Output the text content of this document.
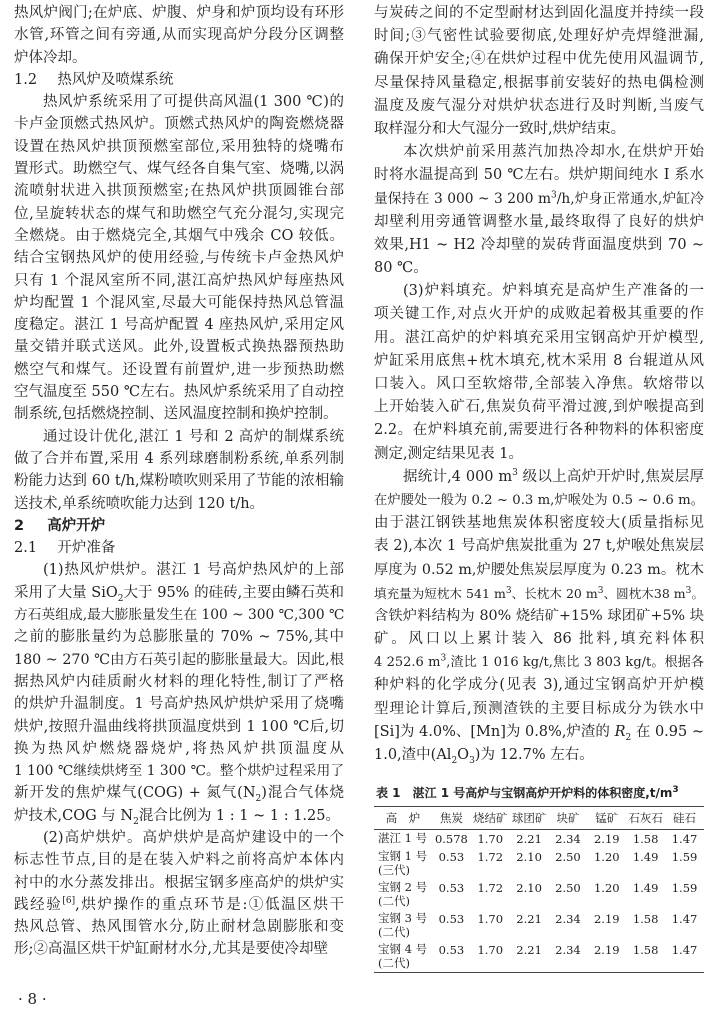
热风炉阀门;在炉底、炉腹、炉身和炉顶均设有环形
水管,环管之间有旁通,从而实现高炉分段分区调整
炉体冷却。
1.2 热风炉及喷煤系统
热风炉系统采用了可提供高风温(1 300 ℃)的
卡卢金顶燃式热风炉。顶燃式热风炉的陶瓷燃烧器
设置在热风炉拱顶预燃室部位,采用独特的烧嘴布
置形式。助燃空气、煤气经各自集气室、烧嘴,以涡
流喷射状进入拱顶预燃室;在热风炉拱顶圆锥台部
位,呈旋转状态的煤气和助燃空气充分混匀,实现完
全燃烧。由于燃烧完全,其烟气中残余 CO 较低。
结合宝钢热风炉的使用经验,与传统卡卢金热风炉
只有 1 个混风室所不同,湛江高炉热风炉每座热风
炉均配置 1 个混风室,尽最大可能保持热风总管温
度稳定。湛江 1 号高炉配置 4 座热风炉,采用定风
量交错并联式送风。此外,设置板式换热器预热助
燃空气和煤气。还设置有前置炉,进一步预热助燃
空气温度至 550 ℃左右。热风炉系统采用了自动控
制系统,包括燃烧控制、送风温度控制和换炉控制。
通过设计优化,湛江 1 号和 2 高炉的制煤系统
做了合并布置,采用 4 系列球磨制粉系统,单系列制
粉能力达到 60 t/h,煤粉喷吹则采用了节能的浓相输
送技术,单系统喷吹能力达到 120 t/h。
2 高炉开炉
2.1 开炉准备
(1)热风炉烘炉。湛江 1 号高炉热风炉的上部
采用了大量 SiO$_2$大于 95% 的硅砖,主要由鳞石英和
方石英组成,最大膨胀量发生在 100 ~ 300 ℃,300 ℃
之前的膨胀量约为总膨胀量的 70% ~ 75%,其中
180 ~ 270 ℃由方石英引起的膨胀量最大。因此,根
据热风炉内硅质耐火材料的理化特性,制订了严格
的烘炉升温制度。1 号高炉热风炉烘炉采用了烧嘴
烘炉,按照升温曲线将拱顶温度烘到 1 100 ℃后,切
换为热风炉燃烧器烧炉,将热风炉拱顶温度从
1 100 ℃继续烘烤至 1 300 ℃。整个烘炉过程采用了
新开发的焦炉煤气(COG) + 氮气$(N_2)$混合气体烧
炉技术,COG 与 $N_2$混合比例为 1 : 1 ~ 1 : 1.25。
(2)高炉烘炉。高炉烘炉是高炉建设中的一个
标志性节点,目的是在装入炉料之前将高炉本体内
衬中的水分蒸发排出。根据宝钢多座高炉的烘炉实
践经验[6],烘炉操作的重点环节是:①低温区烘干
热风总管、热风围管水分,防止耐材急剧膨胀和变
形;②高温区烘干炉缸耐材水分,尤其是要使冷却壁
与炭砖之间的不定型耐材达到固化温度并持续一段
时间;③气密性试验要彻底,处理好炉壳焊缝泄漏,
确保开炉安全;④在烘炉过程中优先使用风温调节,
尽量保持风量稳定,根据事前安装好的热电偶检测
温度及废气湿分对烘炉状态进行及时判断,当废气
取样湿分和大气湿分一致时,烘炉结束。
本次烘炉前采用蒸汽加热冷却水,在烘炉开始
时将水温提高到 50 ℃左右。烘炉期间纯水 I 系水
量保持在 3 000 ~ 3 200 $m^3/h$,炉身正常通水,炉缸冷
却壁利用旁通管调整水量,最终取得了良好的烘炉
效果,H1 ~ H2 冷却壁的炭砖背面温度烘到 70 ~
80 ℃。
(3)炉料填充。炉料填充是高炉生产准备的一
项关键工作,对点火开炉的成败起着极其重要的作
用。湛江高炉的炉料填充采用宝钢高炉开炉模型,
炉缸采用底焦+枕木填充,枕木采用 8 台辊道从风
口装入。风口至软熔带,全部装入净焦。软熔带以
上开始装入矿石,焦炭负荷平滑过渡,到炉喉提高到
2.2。在炉料填充前,需要进行各种物料的体积密度
测定,测定结果见表 1。
据统计,4 000 $m^3$ 级以上高炉开炉时,焦炭层厚
在炉腰处一般为 0.2 ~ 0.3 m,炉喉处为 0.5 ~ 0.6 m。
由于湛江钢铁基地焦炭体积密度较大(质量指标见
表 2),本次 1 号高炉焦炭批重为 27 t,炉喉处焦炭层
厚度为 0.52 m,炉腰处焦炭层厚度为 0.23 m。枕木
填充量为短枕木 541 $m^3$、长枕木 20 $m^3$、圆枕木38 $m^3$。
含铁炉料结构为 80% 烧结矿+15% 球团矿+5% 块
矿。风口以上累计装入 86 批料,填充料体积
4 252.6 $m^3$,渣比 1 016 kg/t,焦比 3 803 kg/t。根据各
种炉料的化学成分(见表 3),通过宝钢高炉开炉模
型理论计算后,预测渣铁的主要目标成分为铁水中
[Si]为 4.0%、[Mn]为 0.8%,炉渣的 $R_2$ 在 0.95 ~
1.0,渣中$(Al_2O_3)$为 12.7% 左右。
表 1 湛江 1 号高炉与宝钢高炉开炉料的体积密度$,t/m^3$
高　炉	焦炭	烧结矿	球团矿	块矿	锰矿	石灰石	硅石
湛江 1 号	0.578	1.70	2.21	2.34	2.19	1.58	1.47
宝钢 1 号(三代)	0.53	1.72	2.10	2.50	1.20	1.49	1.59
宝钢 2 号(二代)	0.53	1.72	2.10	2.50	1.20	1.49	1.59
宝钢 3 号(二代)	0.53	1.70	2.21	2.34	2.19	1.58	1.47
宝钢 4 号(二代)	0.53	1.70	2.21	2.34	2.19	1.58	1.47
· 8 ·
